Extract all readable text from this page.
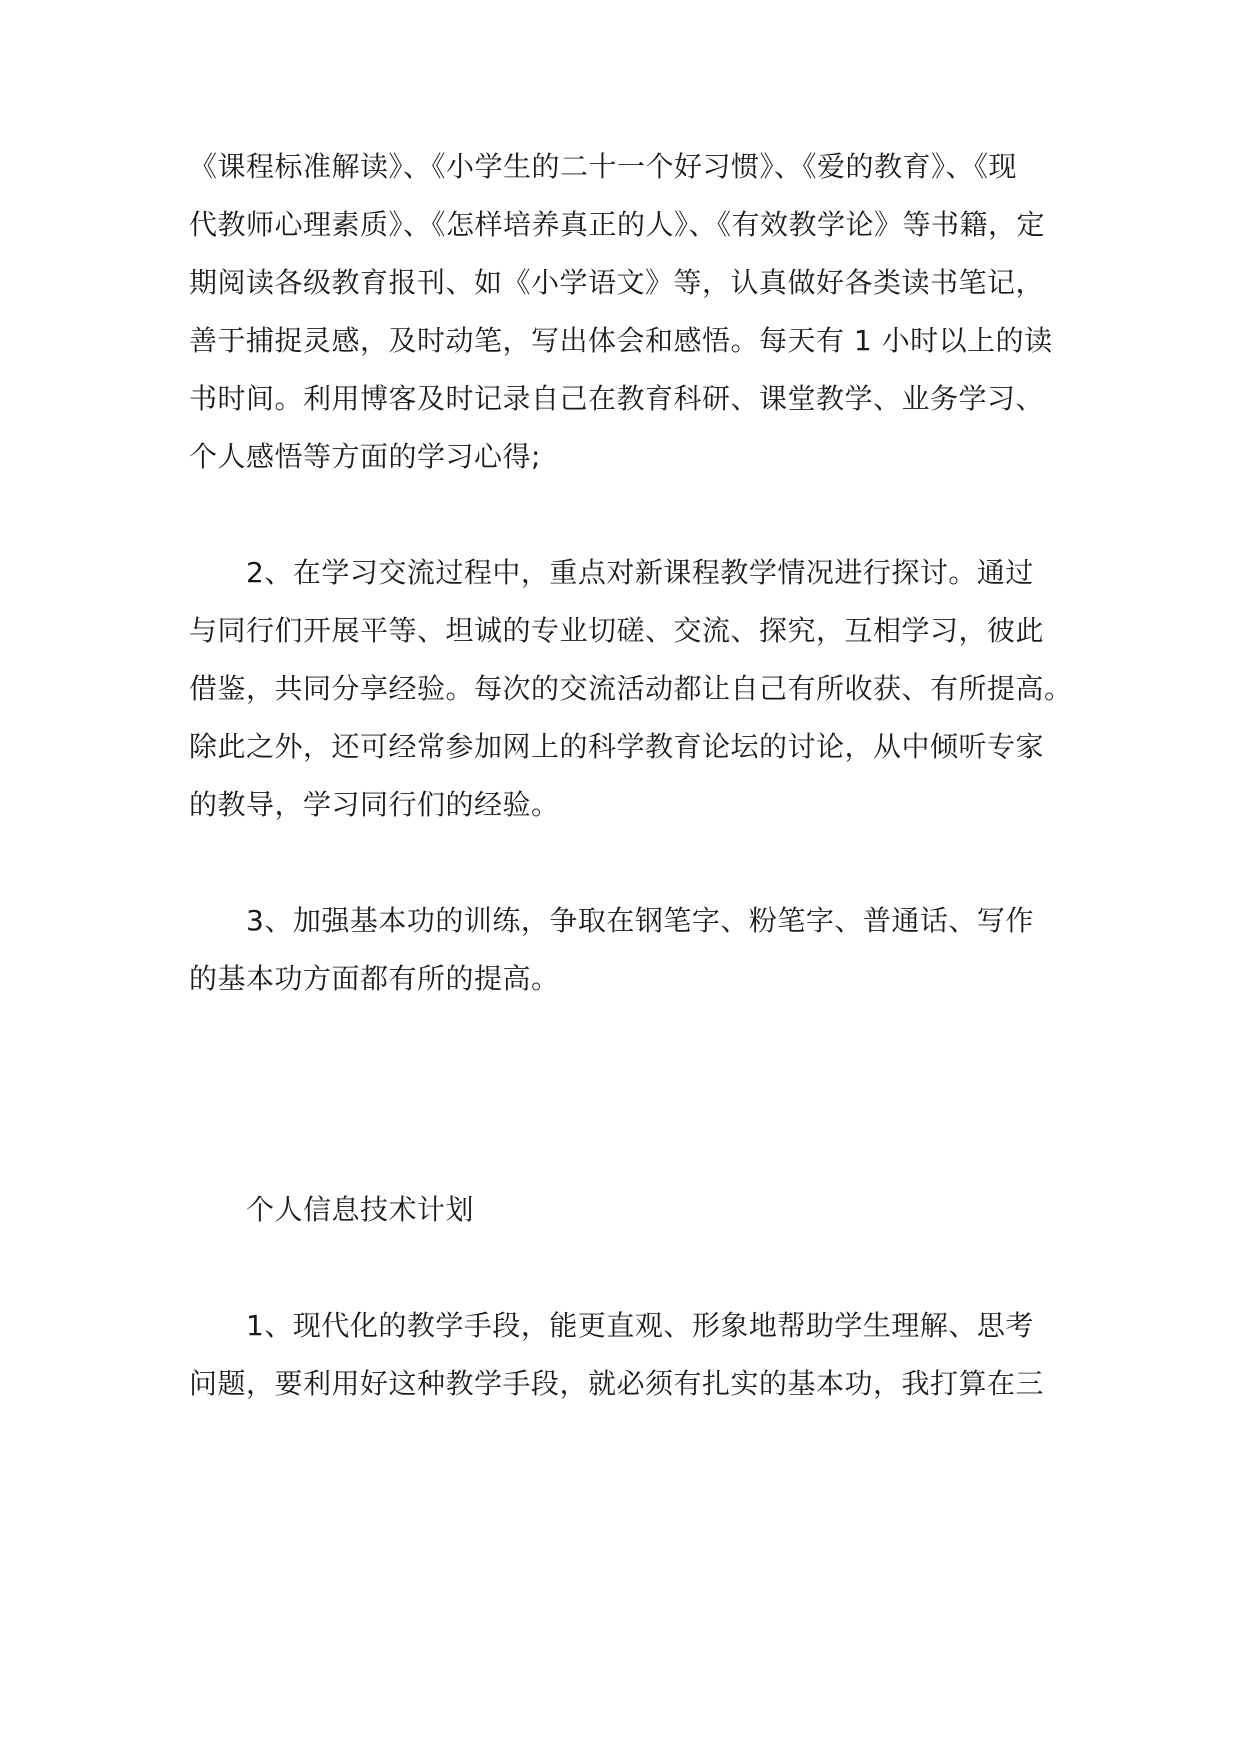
《课程标准解读》、《小学生的二十一个好习惯》、《爱的教育》、《现
代教师心理素质》、《怎样培养真正的人》、《有效教学论》等书籍，定
期阅读各级教育报刊、如《小学语文》等，认真做好各类读书笔记，
善于捕捉灵感，及时动笔，写出体会和感悟。每天有 1 小时以上的读
书时间。利用博客及时记录自己在教育科研、课堂教学、业务学习、
个人感悟等方面的学习心得;
2、在学习交流过程中，重点对新课程教学情况进行探讨。通过
与同行们开展平等、坦诚的专业切磋、交流、探究，互相学习，彼此
借鉴，共同分享经验。每次的交流活动都让自己有所收获、有所提高。
除此之外，还可经常参加网上的科学教育论坛的讨论，从中倾听专家
的教导，学习同行们的经验。
3、加强基本功的训练，争取在钢笔字、粉笔字、普通话、写作
的基本功方面都有所的提高。
个人信息技术计划
1、现代化的教学手段，能更直观、形象地帮助学生理解、思考
问题，要利用好这种教学手段，就必须有扎实的基本功，我打算在三
